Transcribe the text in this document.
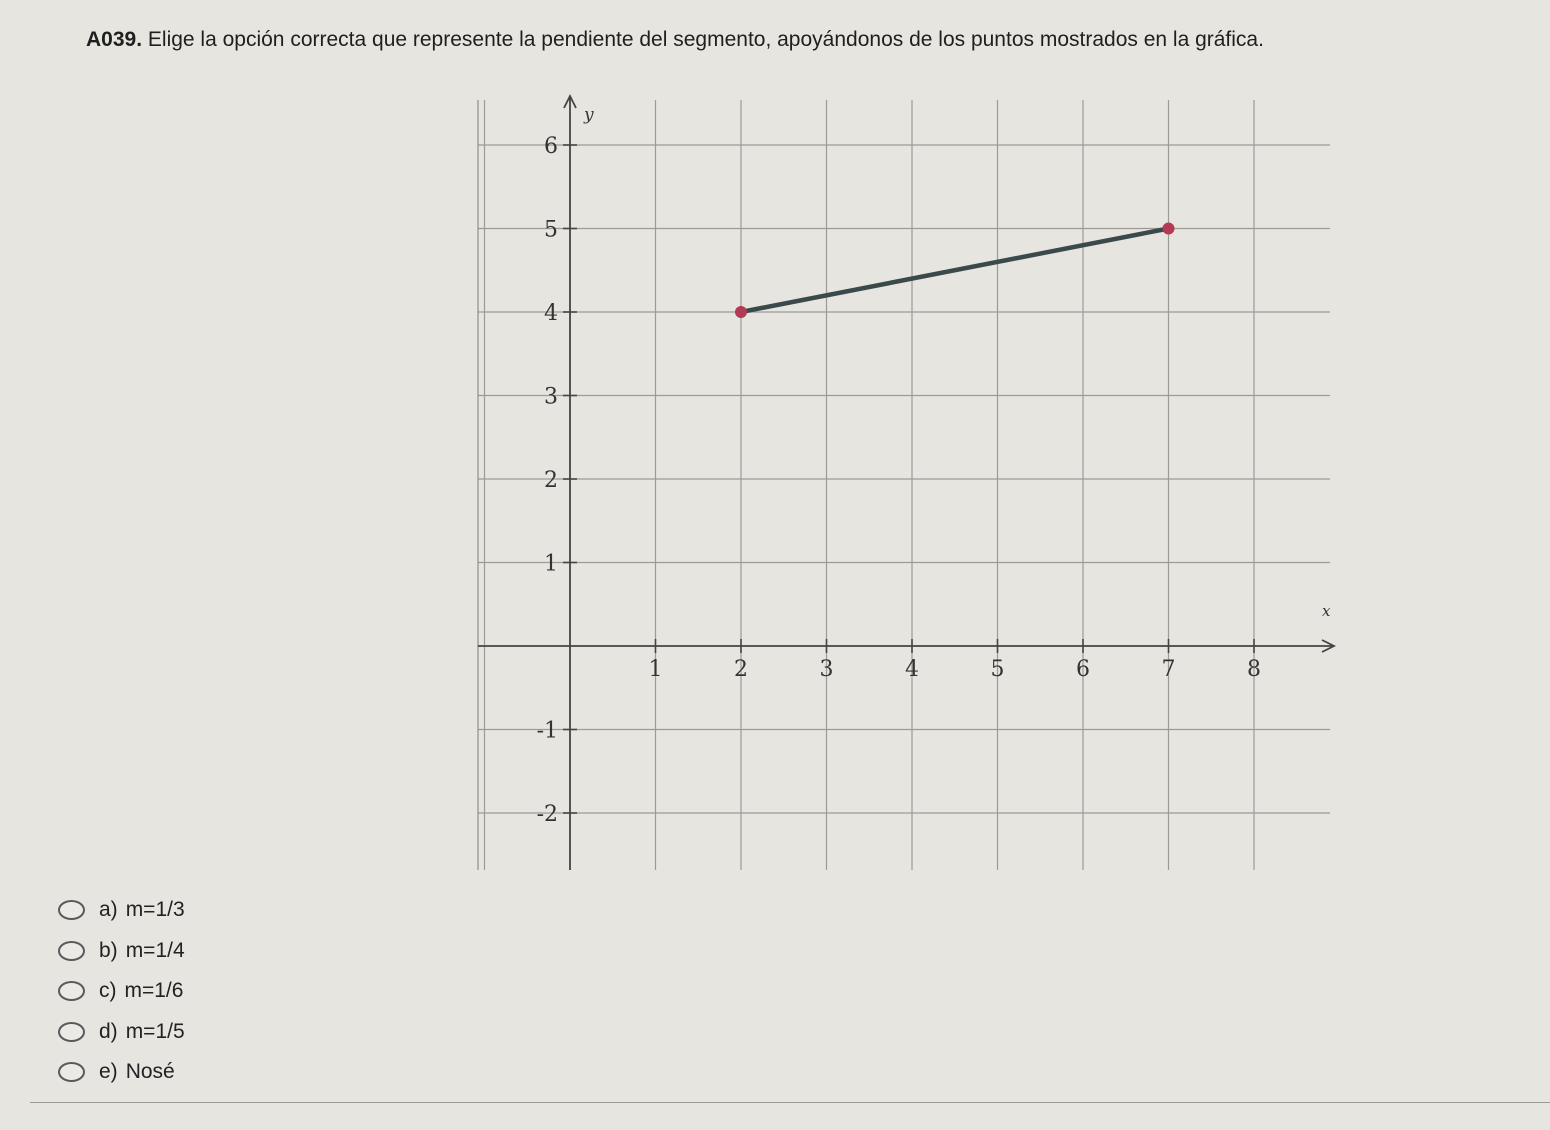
A039. Elige la opción correcta que represente la pendiente del segmento, apoyándonos de los puntos mostrados en la gráfica.
x
y
1	2	3	4	5	6	7	8
6
5
4
3
2
1
-1
-2
a) m=1/3
b) m=1/4
c) m=1/6
d) m=1/5
e) Nosé
